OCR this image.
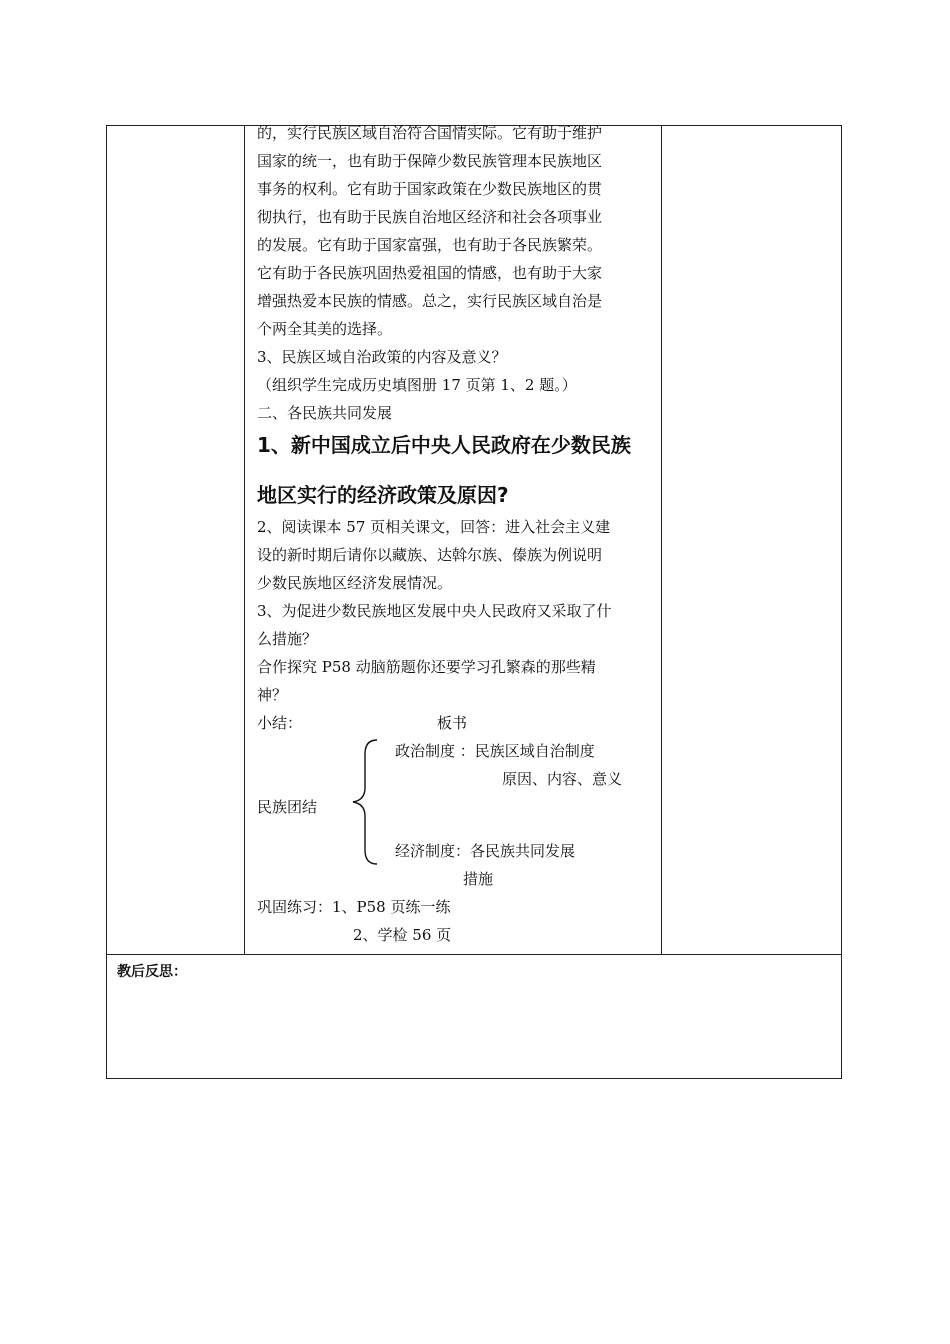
的，实行民族区域自治符合国情实际。它有助于维护
国家的统一，也有助于保障少数民族管理本民族地区
事务的权利。它有助于国家政策在少数民族地区的贯
彻执行，也有助于民族自治地区经济和社会各项事业
的发展。它有助于国家富强，也有助于各民族繁荣。
它有助于各民族巩固热爱祖国的情感，也有助于大家
增强热爱本民族的情感。总之，实行民族区域自治是
个两全其美的选择。
3、民族区域自治政策的内容及意义？
（组织学生完成历史填图册 17 页第 1、2 题。）
二、各民族共同发展
1、新中国成立后中央人民政府在少数民族
地区实行的经济政策及原因?
2、阅读课本 57 页相关课文，回答：进入社会主义建
设的新时期后请你以藏族、达斡尔族、傣族为例说明
少数民族地区经济发展情况。
3、为促进少数民族地区发展中央人民政府又采取了什
么措施？
合作探究 P58 动脑筋题你还要学习孔繁森的那些精
神？
小结：	板书
政治制度 ：民族区域自治制度
原因、内容、意义
民族团结
经济制度：各民族共同发展
措施
巩固练习：1、P58 页练一练
2、学检 56 页
教后反思：
